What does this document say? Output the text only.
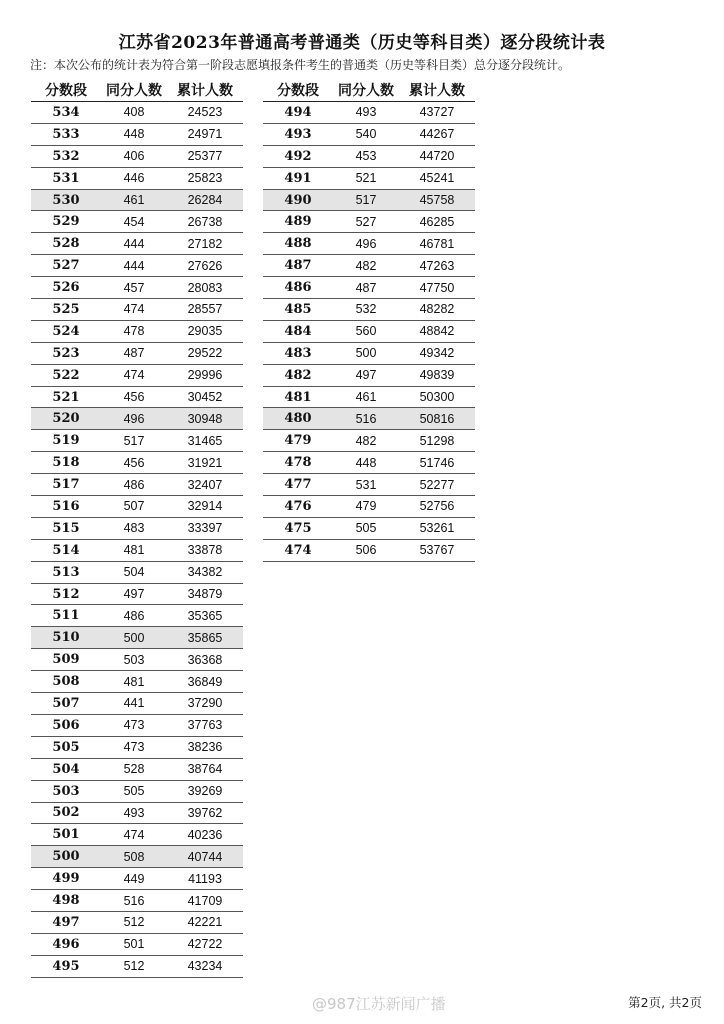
江苏省2023年普通高考普通类（历史等科目类）逐分段统计表
注：本次公布的统计表为符合第一阶段志愿填报条件考生的普通类（历史等科目类）总分逐分段统计。
分数段	同分人数	累计人数
534	408	24523
533	448	24971
532	406	25377
531	446	25823
530	461	26284
529	454	26738
528	444	27182
527	444	27626
526	457	28083
525	474	28557
524	478	29035
523	487	29522
522	474	29996
521	456	30452
520	496	30948
519	517	31465
518	456	31921
517	486	32407
516	507	32914
515	483	33397
514	481	33878
513	504	34382
512	497	34879
511	486	35365
510	500	35865
509	503	36368
508	481	36849
507	441	37290
506	473	37763
505	473	38236
504	528	38764
503	505	39269
502	493	39762
501	474	40236
500	508	40744
499	449	41193
498	516	41709
497	512	42221
496	501	42722
495	512	43234
分数段	同分人数	累计人数
494	493	43727
493	540	44267
492	453	44720
491	521	45241
490	517	45758
489	527	46285
488	496	46781
487	482	47263
486	487	47750
485	532	48282
484	560	48842
483	500	49342
482	497	49839
481	461	50300
480	516	50816
479	482	51298
478	448	51746
477	531	52277
476	479	52756
475	505	53261
474	506	53767
@987江苏新闻广播	第2页, 共2页
